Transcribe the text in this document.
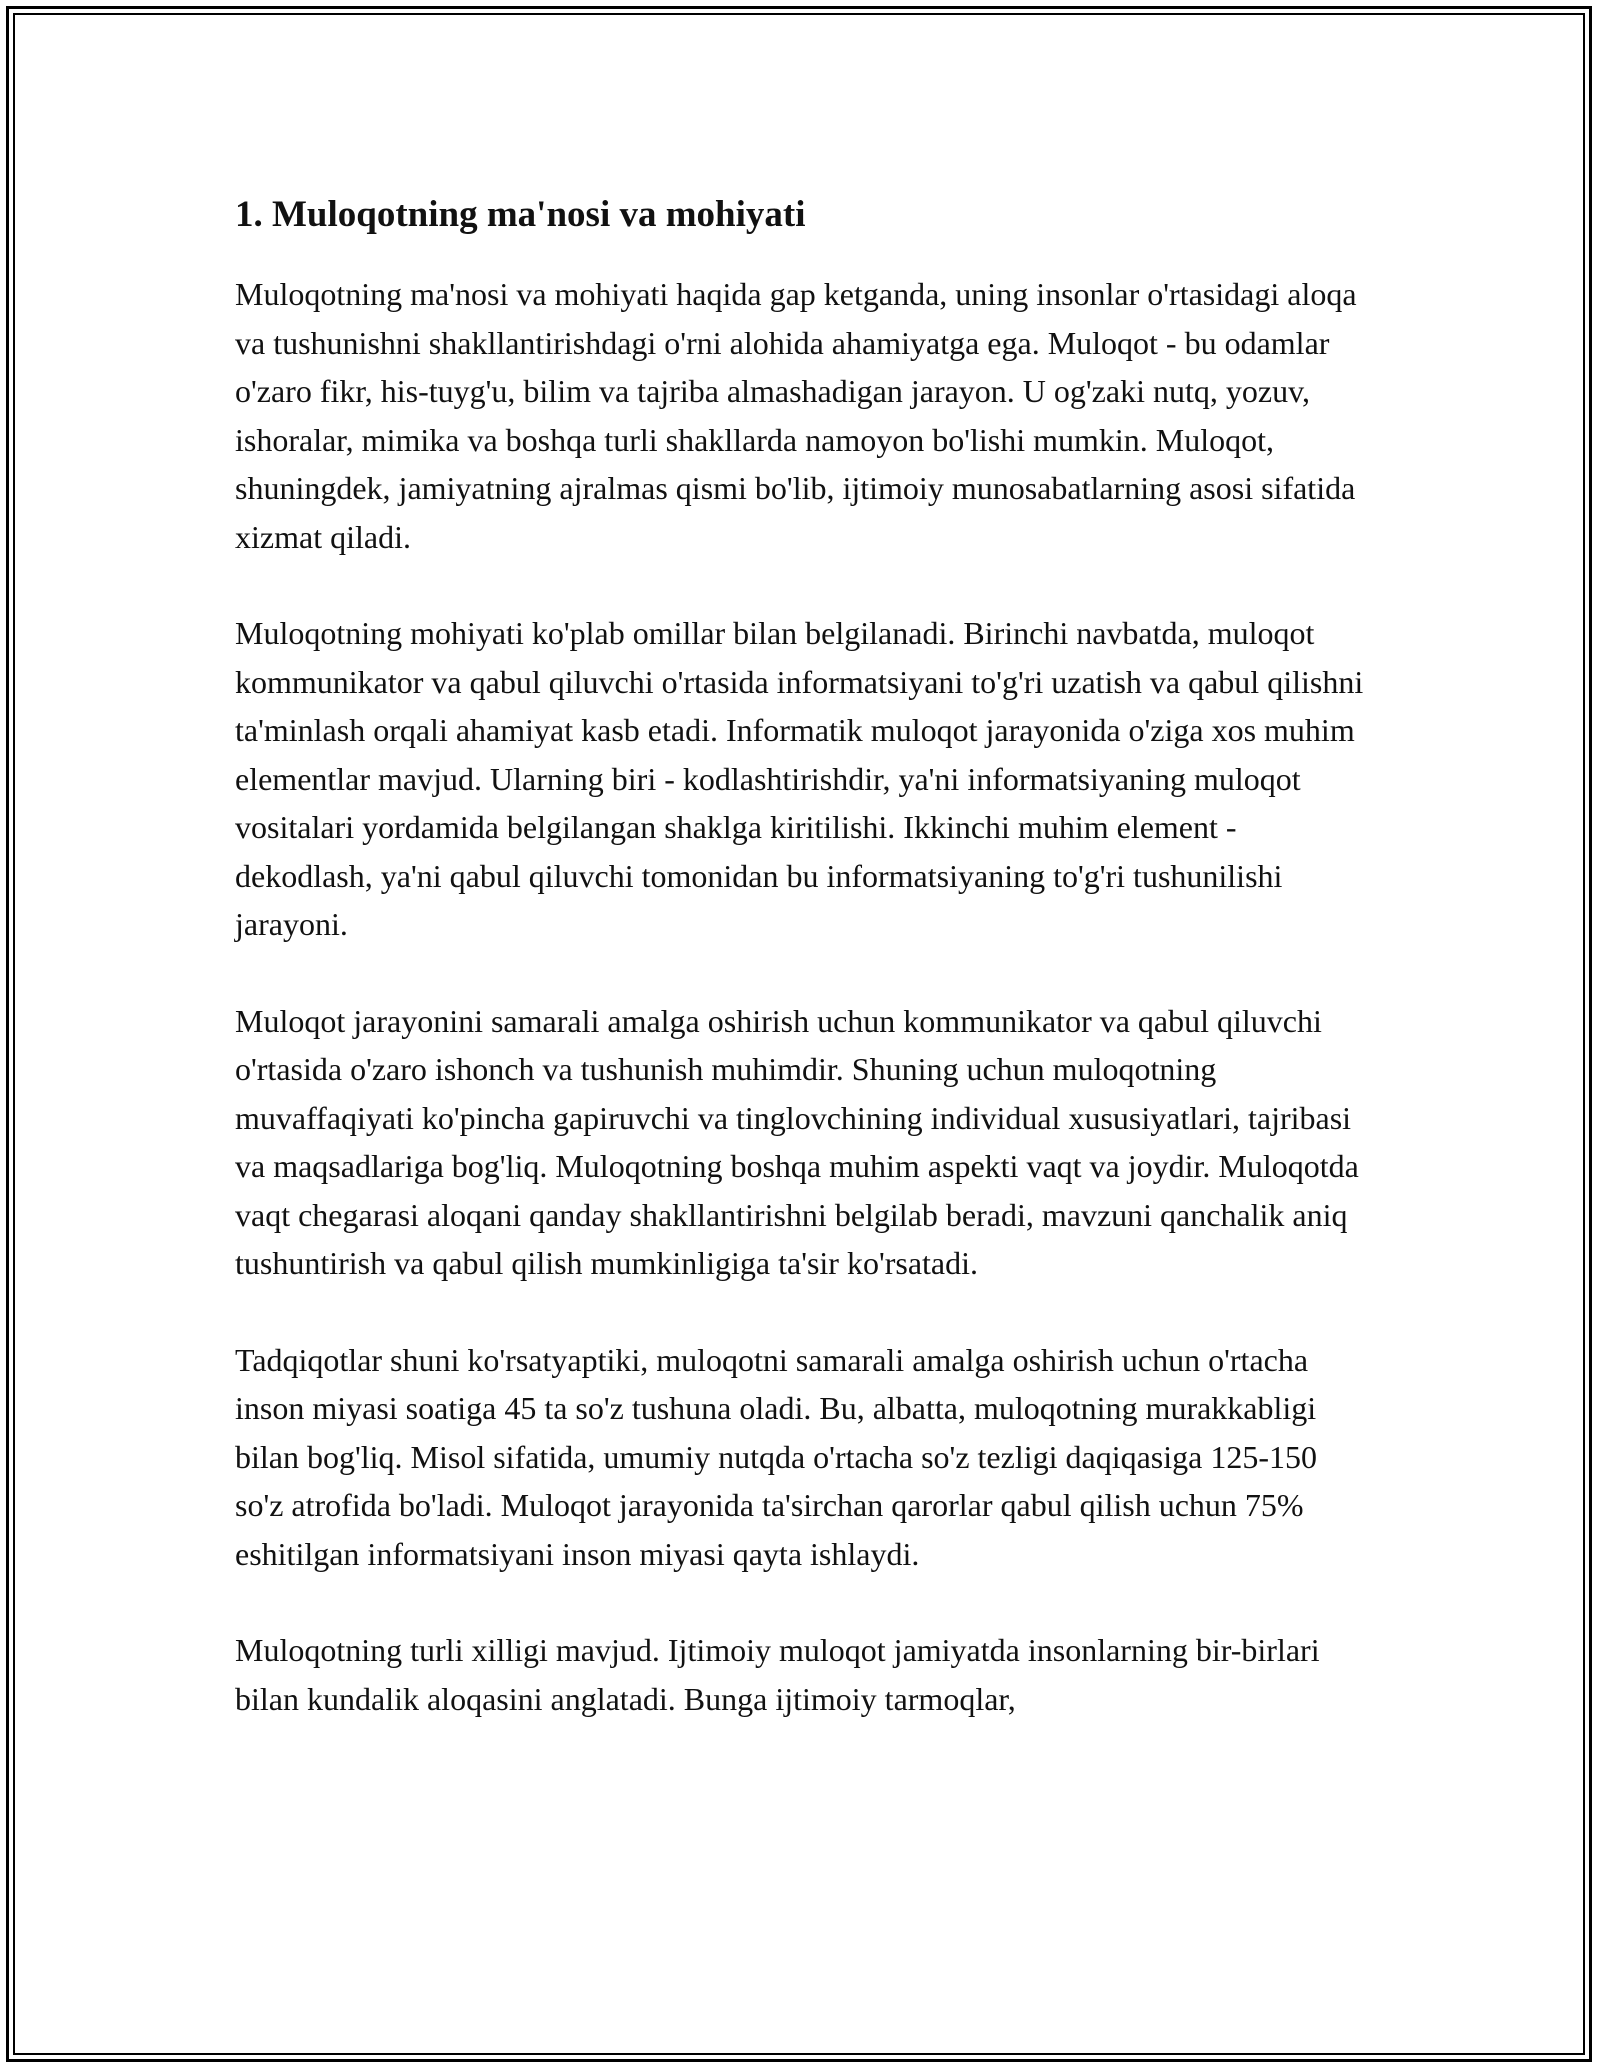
1. Muloqotning ma'nosi va mohiyati

Muloqotning ma'nosi va mohiyati haqida gap ketganda, uning insonlar o'rtasidagi aloqa va tushunishni shakllantirishdagi o'rni alohida ahamiyatga ega. Muloqot - bu odamlar o'zaro fikr, his-tuyg'u, bilim va tajriba almashadigan jarayon. U og'zaki nutq, yozuv, ishoralar, mimika va boshqa turli shakllarda namoyon bo'lishi mumkin. Muloqot, shuningdek, jamiyatning ajralmas qismi bo'lib, ijtimoiy munosabatlarning asosi sifatida xizmat qiladi.

Muloqotning mohiyati ko'plab omillar bilan belgilanadi. Birinchi navbatda, muloqot kommunikator va qabul qiluvchi o'rtasida informatsiyani to'g'ri uzatish va qabul qilishni ta'minlash orqali ahamiyat kasb etadi. Informatik muloqot jarayonida o'ziga xos muhim elementlar mavjud. Ularning biri - kodlashtirishdir, ya'ni informatsiyaning muloqot vositalari yordamida belgilangan shaklga kiritilishi. Ikkinchi muhim element - dekodlash, ya'ni qabul qiluvchi tomonidan bu informatsiyaning to'g'ri tushunilishi jarayoni.

Muloqot jarayonini samarali amalga oshirish uchun kommunikator va qabul qiluvchi o'rtasida o'zaro ishonch va tushunish muhimdir. Shuning uchun muloqotning muvaffaqiyati ko'pincha gapiruvchi va tinglovchining individual xususiyatlari, tajribasi va maqsadlariga bog'liq. Muloqotning boshqa muhim aspekti vaqt va joydir. Muloqotda vaqt chegarasi aloqani qanday shakllantirishni belgilab beradi, mavzuni qanchalik aniq tushuntirish va qabul qilish mumkinligiga ta'sir ko'rsatadi.

Tadqiqotlar shuni ko'rsatyaptiki, muloqotni samarali amalga oshirish uchun o'rtacha inson miyasi soatiga 45 ta so'z tushuna oladi. Bu, albatta, muloqotning murakkabligi bilan bog'liq. Misol sifatida, umumiy nutqda o'rtacha so'z tezligi daqiqasiga 125-150 so'z atrofida bo'ladi. Muloqot jarayonida ta'sirchan qarorlar qabul qilish uchun 75% eshitilgan informatsiyani inson miyasi qayta ishlaydi.

Muloqotning turli xilligi mavjud. Ijtimoiy muloqot jamiyatda insonlarning bir-birlari bilan kundalik aloqasini anglatadi. Bunga ijtimoiy tarmoqlar,
